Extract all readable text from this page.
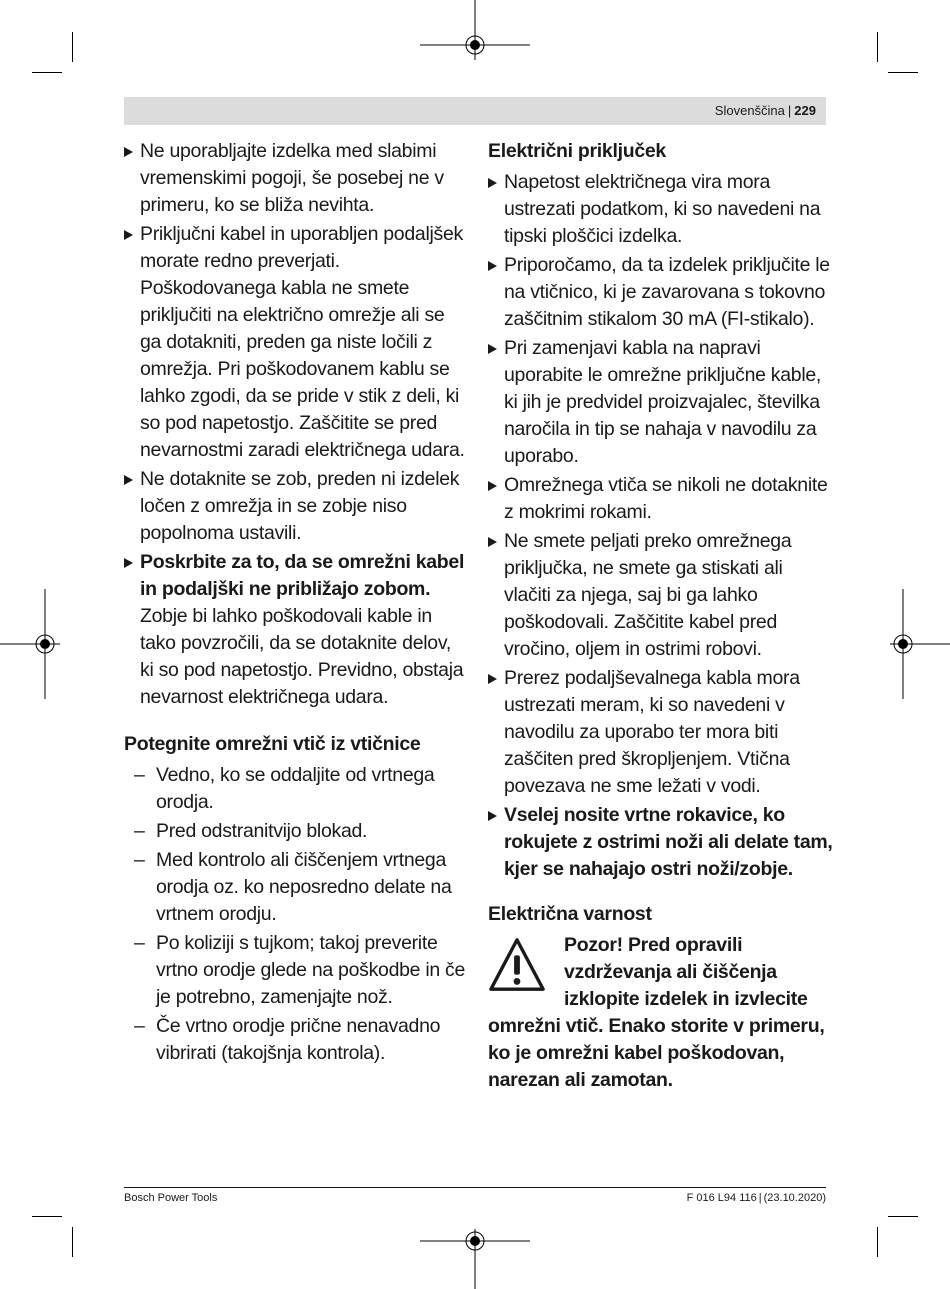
Slovenščina | 229
Ne uporabljajte izdelka med slabimi vremenskimi pogoji, še posebej ne v primeru, ko se bliža nevihta.
Priključni kabel in uporabljen podaljšek morate redno preverjati. Poškodovanega kabla ne smete priključiti na električno omrežje ali se ga dotakniti, preden ga niste ločili z omrežja. Pri poškodovanem kablu se lahko zgodi, da se pride v stik z deli, ki so pod napetostjo. Zaščitite se pred nevarnostmi zaradi električnega udara.
Ne dotaknite se zob, preden ni izdelek ločen z omrežja in se zobje niso popolnoma ustavili.
Poskrbite za to, da se omrežni kabel in podaljški ne približajo zobom. Zobje bi lahko poškodovali kable in tako povzročili, da se dotaknite delov, ki so pod napetostjo. Previdno, obstaja nevarnost električnega udara.
Potegnite omrežni vtič iz vtičnice
– Vedno, ko se oddaljite od vrtnega orodja.
– Pred odstranitvijo blokad.
– Med kontrolo ali čiščenjem vrtnega orodja oz. ko neposredno delate na vrtnem orodju.
– Po koliziji s tujkom; takoj preverite vrtno orodje glede na poškodbe in če je potrebno, zamenjajte nož.
– Če vrtno orodje prične nenavadno vibrirati (takojšnja kontrola).
Električni priključek
Napetost električnega vira mora ustrezati podatkom, ki so navedeni na tipski ploščici izdelka.
Priporočamo, da ta izdelek priključite le na vtičnico, ki je zavarovana s tokovno zaščitnim stikalom 30 mA (FI-stikalo).
Pri zamenjavi kabla na napravi uporabite le omrežne priključne kable, ki jih je predvidel proizvajalec, številka naročila in tip se nahaja v navodilu za uporabo.
Omrežnega vtiča se nikoli ne dotaknite z mokrimi rokami.
Ne smete peljati preko omrežnega priključka, ne smete ga stiskati ali vlačiti za njega, saj bi ga lahko poškodovali. Zaščitite kabel pred vročino, oljem in ostrimi robovi.
Prerez podaljševalnega kabla mora ustrezati meram, ki so navedeni v navodilu za uporabo ter mora biti zaščiten pred škropljenjem. Vtična povezava ne sme ležati v vodi.
Vselej nosite vrtne rokavice, ko rokujete z ostrimi noži ali delate tam, kjer se nahajajo ostri noži/zobje.
Električna varnost
Pozor! Pred opravili vzdrževanja ali čiščenja izklopite izdelek in izvlecite omrežni vtič. Enako storite v primeru, ko je omrežni kabel poškodovan, narezan ali zamotan.
Bosch Power Tools	F 016 L94 116 | (23.10.2020)
